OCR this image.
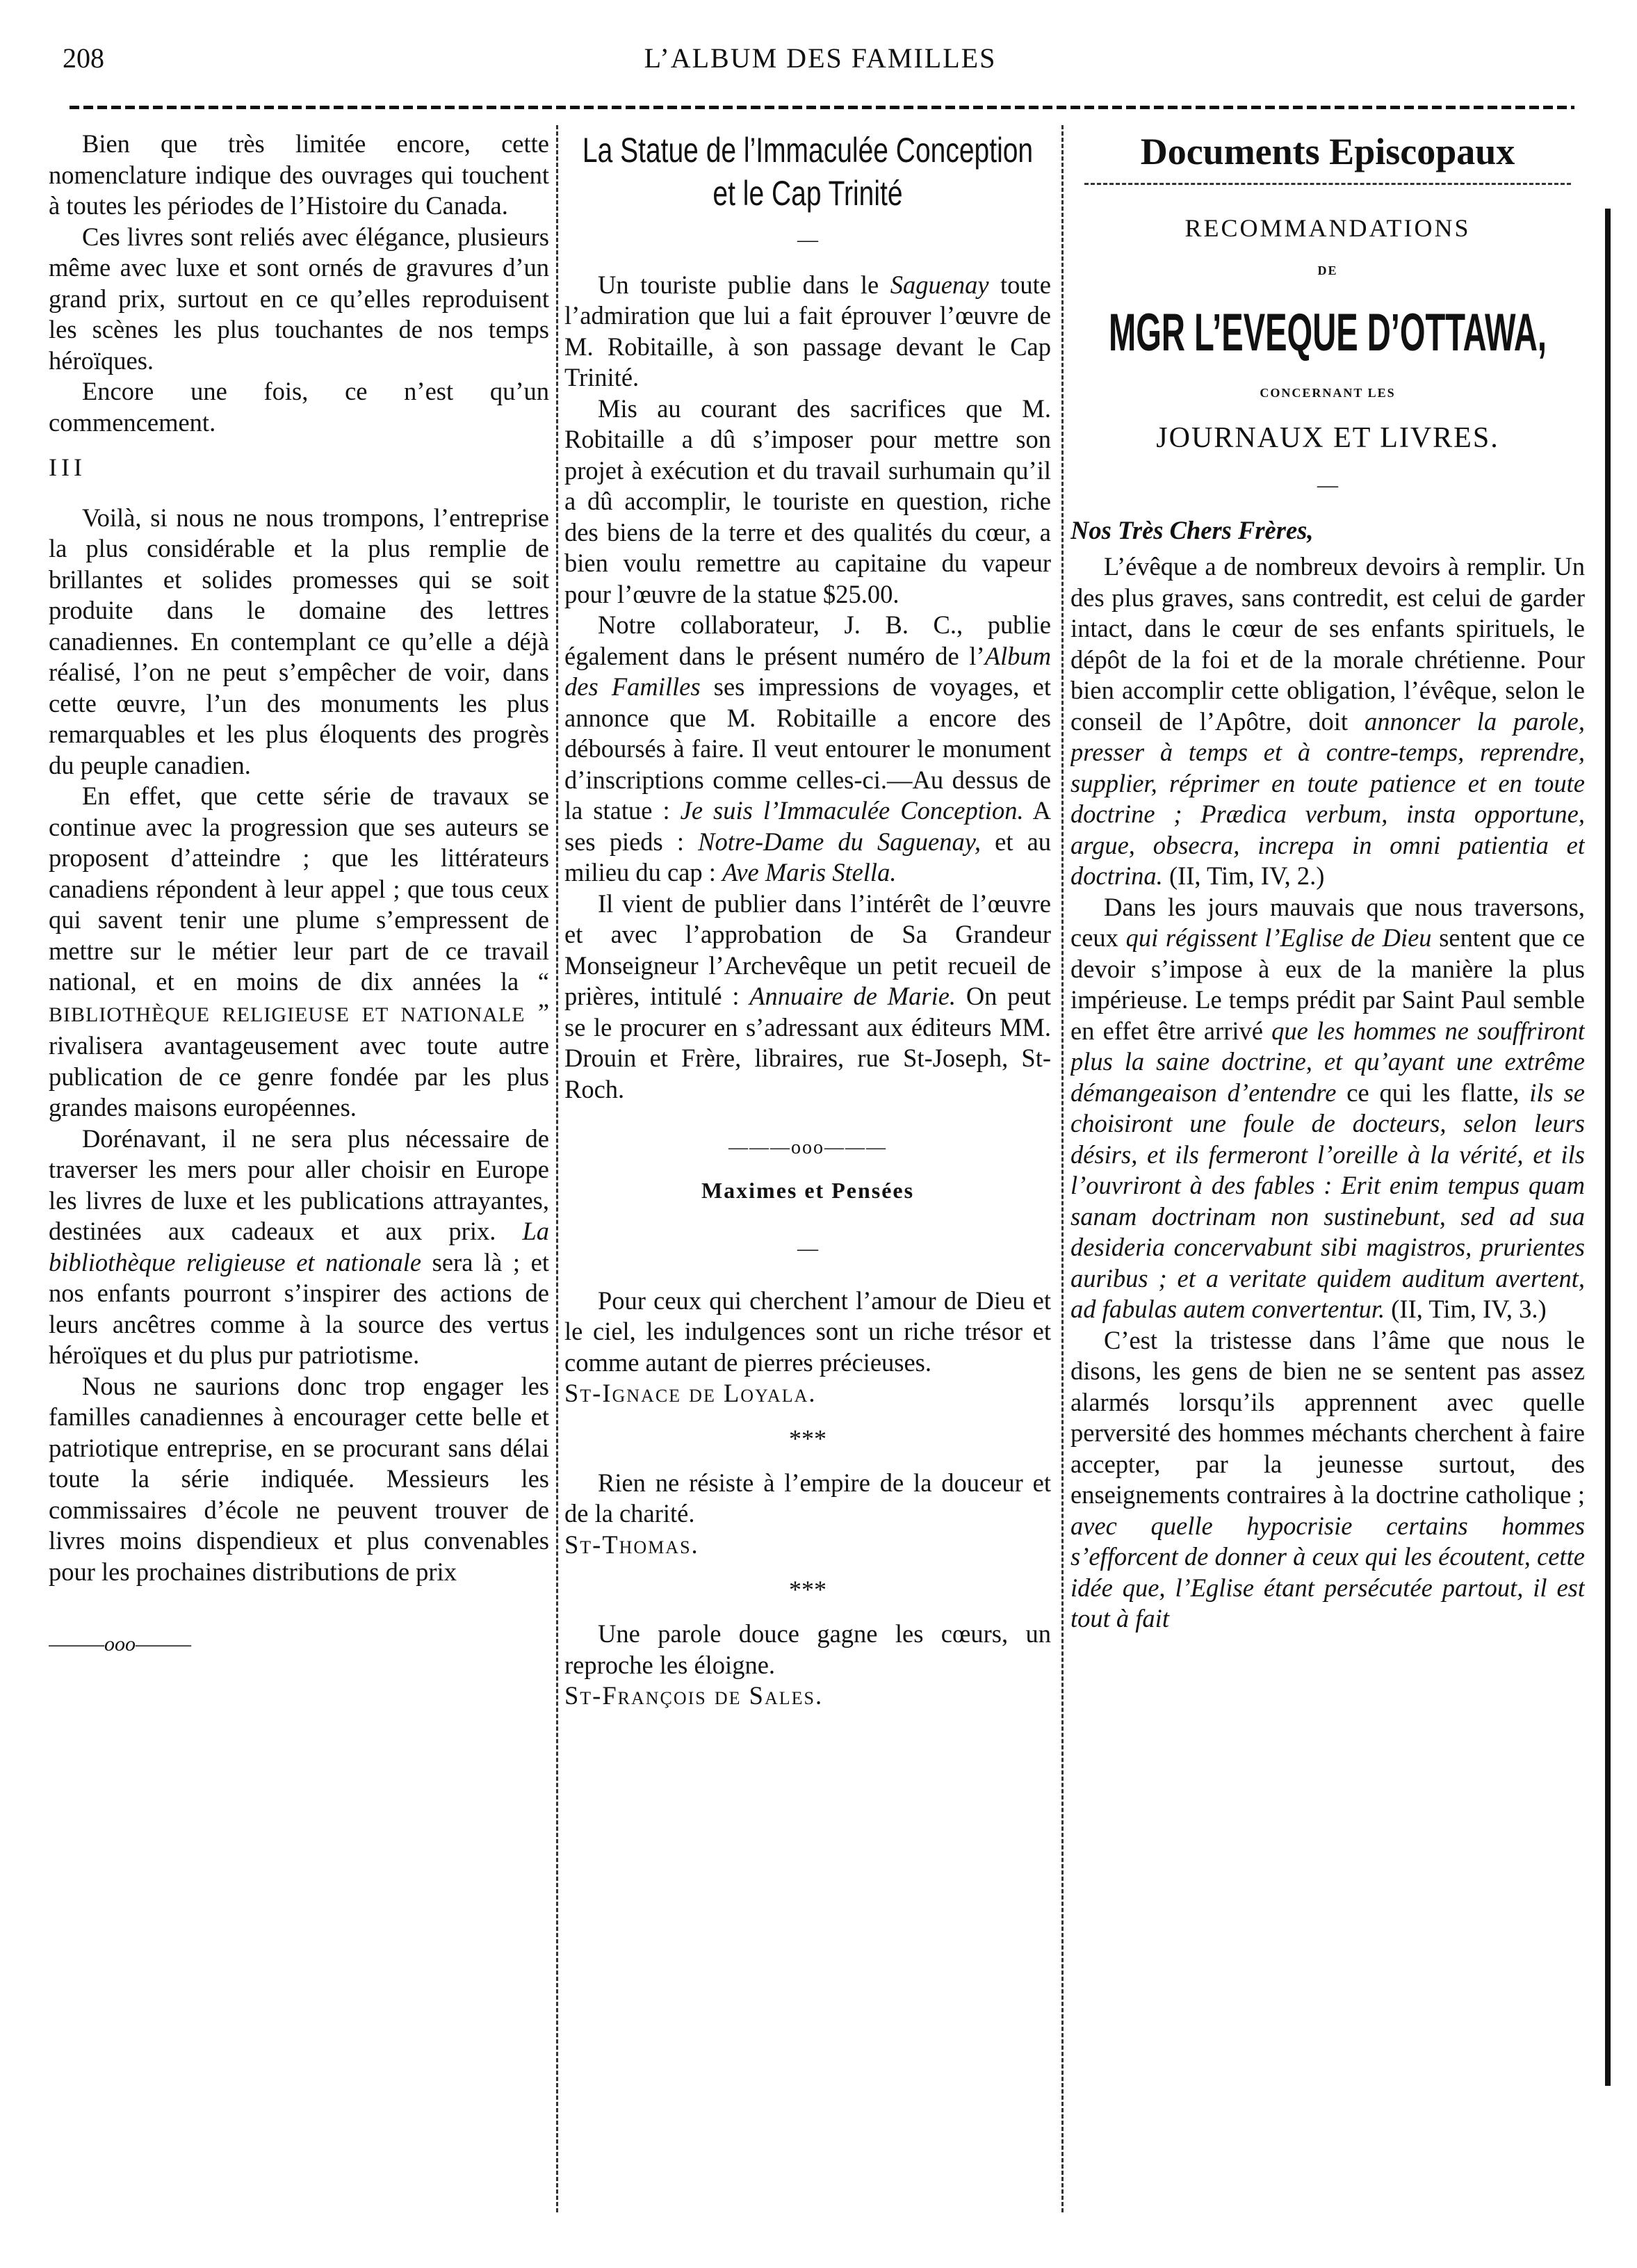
208	L’ALBUM DES FAMILLES

Bien que très limitée encore, cette nomenclature indique des ouvrages qui touchent à toutes les périodes de l’Histoire du Canada.

Ces livres sont reliés avec élégance, plusieurs même avec luxe et sont ornés de gravures d’un grand prix, surtout en ce qu’elles reproduisent les scènes les plus touchantes de nos temps héroïques.

Encore une fois, ce n’est qu’un commencement.

III

Voilà, si nous ne nous trompons, l’entreprise la plus considérable et la plus remplie de brillantes et solides promesses qui se soit produite dans le domaine des lettres canadiennes. En contemplant ce qu’elle a déjà réalisé, l’on ne peut s’empêcher de voir, dans cette œuvre, l’un des monuments les plus remarquables et les plus éloquents des progrès du peuple canadien.

En effet, que cette série de travaux se continue avec la progression que ses auteurs se proposent d’atteindre ; que les littérateurs canadiens répondent à leur appel ; que tous ceux qui savent tenir une plume s’empressent de mettre sur le métier leur part de ce travail national, et en moins de dix années la “ BIBLIOTHÈQUE RELIGIEUSE ET NATIONALE ” rivalisera avantageusement avec toute autre publication de ce genre fondée par les plus grandes maisons européennes.

Dorénavant, il ne sera plus nécessaire de traverser les mers pour aller choisir en Europe les livres de luxe et les publications attrayantes, destinées aux cadeaux et aux prix. La bibliothèque religieuse et nationale sera là ; et nos enfants pourront s’inspirer des actions de leurs ancêtres comme à la source des vertus héroïques et du plus pur patriotisme.

Nous ne saurions donc trop engager les familles canadiennes à encourager cette belle et patriotique entreprise, en se procurant sans délai toute la série indiquée. Messieurs les commissaires d’école ne peuvent trouver de livres moins dispendieux et plus convenables pour les prochaines distributions de prix

———ooo———

La Statue de l’Immaculée Conception et le Cap Trinité
—

Un touriste publie dans le Saguenay toute l’admiration que lui a fait éprouver l’œuvre de M. Robitaille, à son passage devant le Cap Trinité.

Mis au courant des sacrifices que M. Robitaille a dû s’imposer pour mettre son projet à exécution et du travail surhumain qu’il a dû accomplir, le touriste en question, riche des biens de la terre et des qualités du cœur, a bien voulu remettre au capitaine du vapeur pour l’œuvre de la statue $25.00.

Notre collaborateur, J. B. C., publie également dans le présent numéro de l’Album des Familles ses impressions de voyages, et annonce que M. Robitaille a encore des déboursés à faire. Il veut entourer le monument d’inscriptions comme celles-ci.—Au dessus de la statue : Je suis l’Immaculée Conception. A ses pieds : Notre-Dame du Saguenay, et au milieu du cap : Ave Maris Stella.

Il vient de publier dans l’intérêt de l’œuvre et avec l’approbation de Sa Grandeur Monseigneur l’Archevêque un petit recueil de prières, intitulé : Annuaire de Marie. On peut se le procurer en s’adressant aux éditeurs MM. Drouin et Frère, libraires, rue St-Joseph, St-Roch.

———ooo———
Maximes et Pensées
—

Pour ceux qui cherchent l’amour de Dieu et le ciel, les indulgences sont un riche trésor et comme autant de pierres précieuses.

St-Ignace de Loyala.

***

Rien ne résiste à l’empire de la douceur et de la charité.

St-Thomas.

***

Une parole douce gagne les cœurs, un reproche les éloigne.

St-François de Sales.

Documents Episcopaux
RECOMMANDATIONS
DE
MGR L’EVEQUE D’OTTAWA,
CONCERNANT LES
JOURNAUX ET LIVRES.
—

Nos Très Chers Frères,

L’évêque a de nombreux devoirs à remplir. Un des plus graves, sans contredit, est celui de garder intact, dans le cœur de ses enfants spirituels, le dépôt de la foi et de la morale chrétienne. Pour bien accomplir cette obligation, l’évêque, selon le conseil de l’Apôtre, doit annoncer la parole, presser à temps et à contre-temps, reprendre, supplier, réprimer en toute patience et en toute doctrine ; Prædica verbum, insta opportune, argue, obsecra, increpa in omni patientia et doctrina. (II, Tim, IV, 2.)

Dans les jours mauvais que nous traversons, ceux qui régissent l’Eglise de Dieu sentent que ce devoir s’impose à eux de la manière la plus impérieuse. Le temps prédit par Saint Paul semble en effet être arrivé que les hommes ne souffriront plus la saine doctrine, et qu’ayant une extrême démangeaison d’entendre ce qui les flatte, ils se choisiront une foule de docteurs, selon leurs désirs, et ils fermeront l’oreille à la vérité, et ils l’ouvriront à des fables : Erit enim tempus quam sanam doctrinam non sustinebunt, sed ad sua desideria concervabunt sibi magistros, prurientes auribus ; et a veritate quidem auditum avertent, ad fabulas autem convertentur. (II, Tim, IV, 3.)

C’est la tristesse dans l’âme que nous le disons, les gens de bien ne se sentent pas assez alarmés lorsqu’ils apprennent avec quelle perversité des hommes méchants cherchent à faire accepter, par la jeunesse surtout, des enseignements contraires à la doctrine catholique ; avec quelle hypocrisie certains hommes s’efforcent de donner à ceux qui les écoutent, cette idée que, l’Eglise étant persécutée partout, il est tout à fait
